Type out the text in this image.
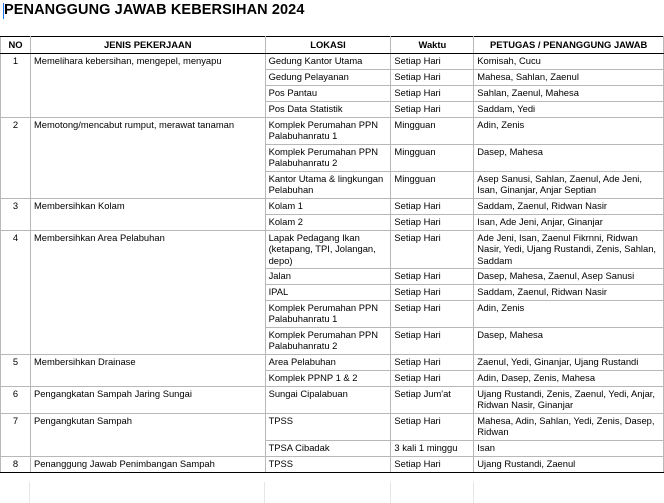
PENANGGUNG JAWAB KEBERSIHAN 2024
NO	JENIS PEKERJAAN	LOKASI	Waktu	PETUGAS / PENANGGUNG JAWAB
1	Memelihara kebersihan, mengepel, menyapu	Gedung Kantor Utama	Setiap Hari	Komisah, Cucu
		Gedung Pelayanan	Setiap Hari	Mahesa, Sahlan, Zaenul
		Pos Pantau	Setiap Hari	Sahlan, Zaenul, Mahesa
		Pos Data Statistik	Setiap Hari	Saddam, Yedi
2	Memotong/mencabut rumput, merawat tanaman	Komplek Perumahan PPN Palabuhanratu 1	Mingguan	Adin, Zenis
		Komplek Perumahan PPN Palabuhanratu 2	Mingguan	Dasep, Mahesa
		Kantor Utama & lingkungan Pelabuhan	Mingguan	Asep Sanusi, Sahlan, Zaenul, Ade Jeni, Isan, Ginanjar, Anjar Septian
3	Membersihkan Kolam	Kolam 1	Setiap Hari	Saddam, Zaenul, Ridwan Nasir
		Kolam 2	Setiap Hari	Isan, Ade Jeni, Anjar, Ginanjar
4	Membersihkan Area Pelabuhan	Lapak Pedagang Ikan (ketapang, TPI, Jolangan, depo)	Setiap Hari	Ade Jeni, Isan, Zaenul Fikrnni, Ridwan Nasir, Yedi, Ujang Rustandi, Zenis, Sahlan, Saddam
		Jalan	Setiap Hari	Dasep, Mahesa, Zaenul, Asep Sanusi
		IPAL	Setiap Hari	Saddam, Zaenul, Ridwan Nasir
		Komplek Perumahan PPN Palabuhanratu 1	Setiap Hari	Adin, Zenis
		Komplek Perumahan PPN Palabuhanratu 2	Setiap Hari	Dasep, Mahesa
5	Membersihkan Drainase	Area Pelabuhan	Setiap Hari	Zaenul, Yedi, Ginanjar, Ujang Rustandi
		Komplek PPNP 1 & 2	Setiap Hari	Adin, Dasep, Zenis, Mahesa
6	Pengangkatan Sampah Jaring Sungai	Sungai Cipalabuan	Setiap Jum'at	Ujang Rustandi, Zenis, Zaenul, Yedi, Anjar, Ridwan Nasir, Ginanjar
7	Pengangkutan Sampah	TPSS	Setiap Hari	Mahesa, Adin, Sahlan, Yedi, Zenis, Dasep, Ridwan
		TPSA Cibadak	3 kali 1 minggu	Isan
8	Penanggung Jawab Penimbangan Sampah	TPSS	Setiap Hari	Ujang Rustandi, Zaenul
